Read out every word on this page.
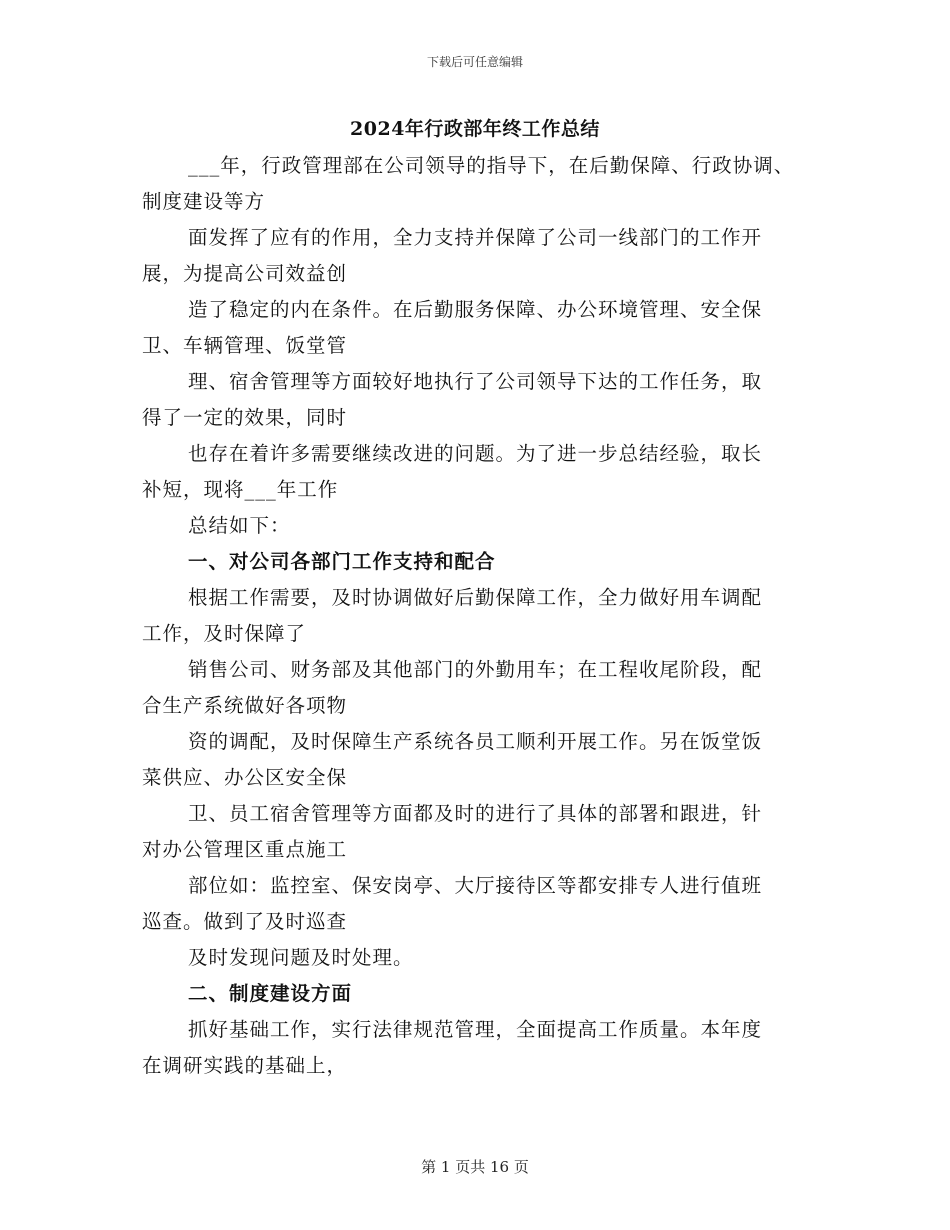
下载后可任意编辑
2024年行政部年终工作总结
___年，行政管理部在公司领导的指导下，在后勤保障、行政协调、
制度建设等方
面发挥了应有的作用，全力支持并保障了公司一线部门的工作开
展，为提高公司效益创
造了稳定的内在条件。在后勤服务保障、办公环境管理、安全保
卫、车辆管理、饭堂管
理、宿舍管理等方面较好地执行了公司领导下达的工作任务，取
得了一定的效果，同时
也存在着许多需要继续改进的问题。为了进一步总结经验，取长
补短，现将___年工作
总结如下：
一、对公司各部门工作支持和配合
根据工作需要，及时协调做好后勤保障工作，全力做好用车调配
工作，及时保障了
销售公司、财务部及其他部门的外勤用车；在工程收尾阶段，配
合生产系统做好各项物
资的调配，及时保障生产系统各员工顺利开展工作。另在饭堂饭
菜供应、办公区安全保
卫、员工宿舍管理等方面都及时的进行了具体的部署和跟进，针
对办公管理区重点施工
部位如：监控室、保安岗亭、大厅接待区等都安排专人进行值班
巡查。做到了及时巡查
及时发现问题及时处理。
二、制度建设方面
抓好基础工作，实行法律规范管理，全面提高工作质量。本年度
在调研实践的基础上，
第 1 页共 16 页
